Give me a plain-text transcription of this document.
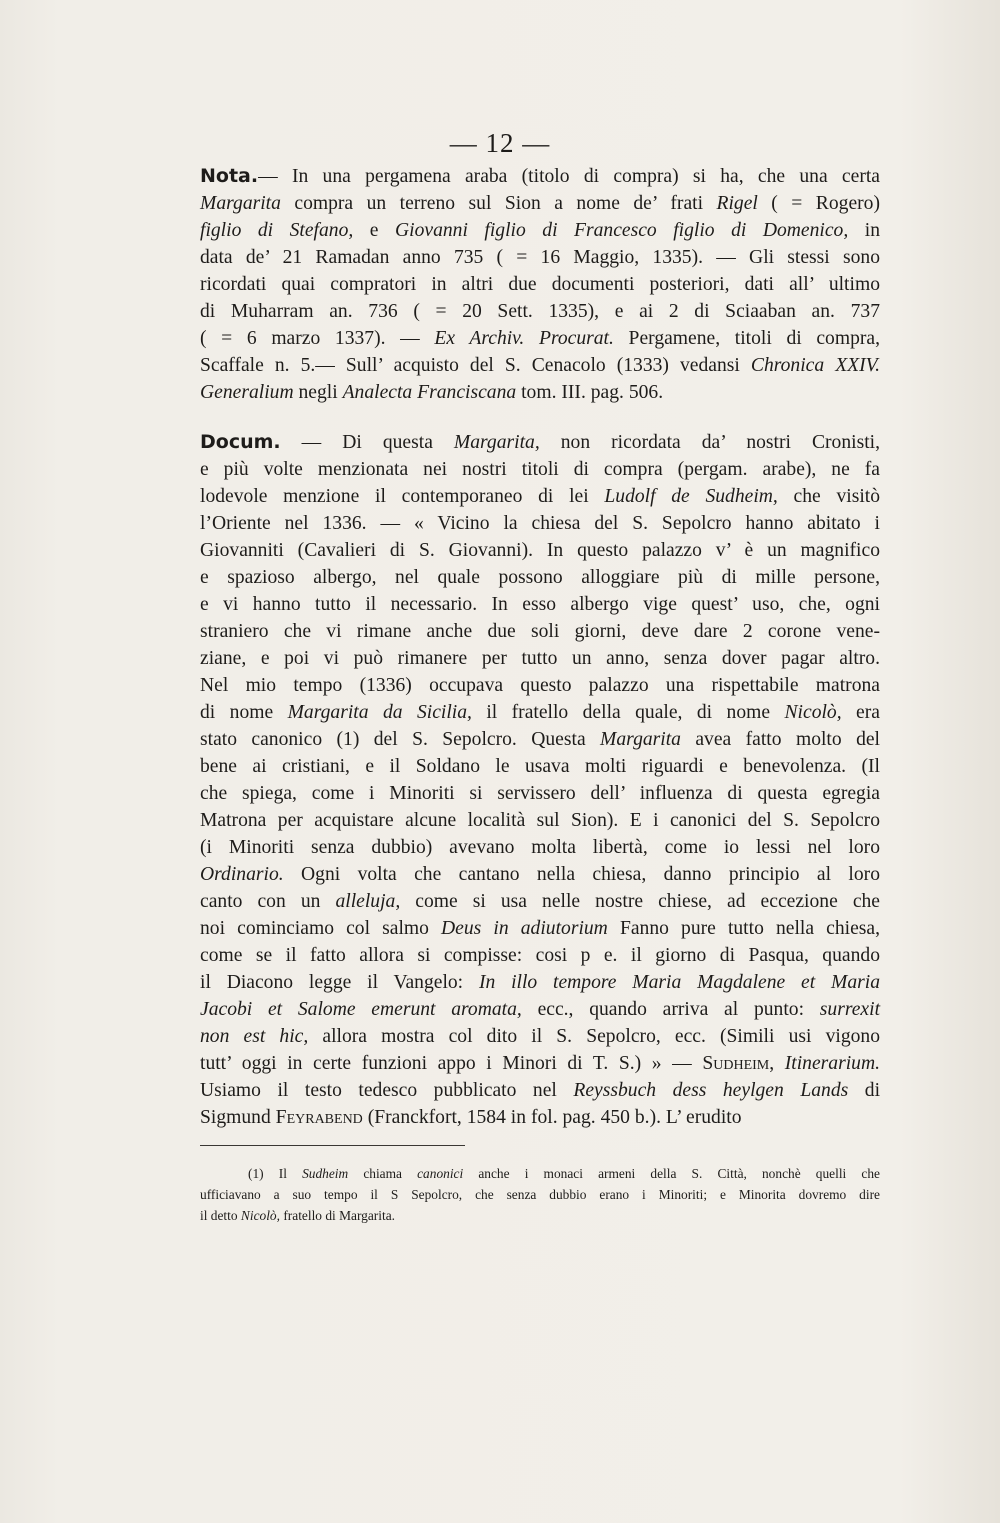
— 12 —
Nota.— In una pergamena araba (titolo di compra) si ha, che una certa
Margarita compra un terreno sul Sion a nome de’ frati Rigel ( = Rogero)
figlio di Stefano, e Giovanni figlio di Francesco figlio di Domenico, in
data de’ 21 Ramadan anno 735 ( = 16 Maggio, 1335). — Gli stessi sono
ricordati quai compratori in altri due documenti posteriori, dati all’ ultimo
di Muharram an. 736 ( = 20 Sett. 1335), e ai 2 di Sciaaban an. 737
( = 6 marzo 1337). — Ex Archiv. Procurat. Pergamene, titoli di compra,
Scaffale n. 5.— Sull’ acquisto del S. Cenacolo (1333) vedansi Chronica XXIV.
Generalium negli Analecta Franciscana tom. III. pag. 506.
Docum. — Di questa Margarita, non ricordata da’ nostri Cronisti,
e più volte menzionata nei nostri titoli di compra (pergam. arabe), ne fa
lodevole menzione il contemporaneo di lei Ludolf de Sudheim, che visitò
l’Oriente nel 1336. — « Vicino la chiesa del S. Sepolcro hanno abitato i
Giovanniti (Cavalieri di S. Giovanni). In questo palazzo v’ è un magnifico
e spazioso albergo, nel quale possono alloggiare più di mille persone,
e vi hanno tutto il necessario. In esso albergo vige quest’ uso, che, ogni
straniero che vi rimane anche due soli giorni, deve dare 2 corone vene-
ziane, e poi vi può rimanere per tutto un anno, senza dover pagar altro.
Nel mio tempo (1336) occupava questo palazzo una rispettabile matrona
di nome Margarita da Sicilia, il fratello della quale, di nome Nicolò, era
stato canonico (1) del S. Sepolcro. Questa Margarita avea fatto molto del
bene ai cristiani, e il Soldano le usava molti riguardi e benevolenza. (Il
che spiega, come i Minoriti si servissero dell’ influenza di questa egregia
Matrona per acquistare alcune località sul Sion). E i canonici del S. Sepolcro
(i Minoriti senza dubbio) avevano molta libertà, come io lessi nel loro
Ordinario. Ogni volta che cantano nella chiesa, danno principio al loro
canto con un alleluja, come si usa nelle nostre chiese, ad eccezione che
noi cominciamo col salmo Deus in adiutorium Fanno pure tutto nella chiesa,
come se il fatto allora si compisse: cosi p e. il giorno di Pasqua, quando
il Diacono legge il Vangelo: In illo tempore Maria Magdalene et Maria
Jacobi et Salome emerunt aromata, ecc., quando arriva al punto: surrexit
non est hic, allora mostra col dito il S. Sepolcro, ecc. (Simili usi vigono
tutt’ oggi in certe funzioni appo i Minori di T. S.) » — Sudheim, Itinerarium.
Usiamo il testo tedesco pubblicato nel Reyssbuch dess heylgen Lands di
Sigmund Feyrabend (Franckfort, 1584 in fol. pag. 450 b.). L’ erudito
(1) Il Sudheim chiama canonici anche i monaci armeni della S. Città, nonchè quelli che
ufficiavano a suo tempo il S Sepolcro, che senza dubbio erano i Minoriti; e Minorita dovremo dire
il detto Nicolò, fratello di Margarita.
